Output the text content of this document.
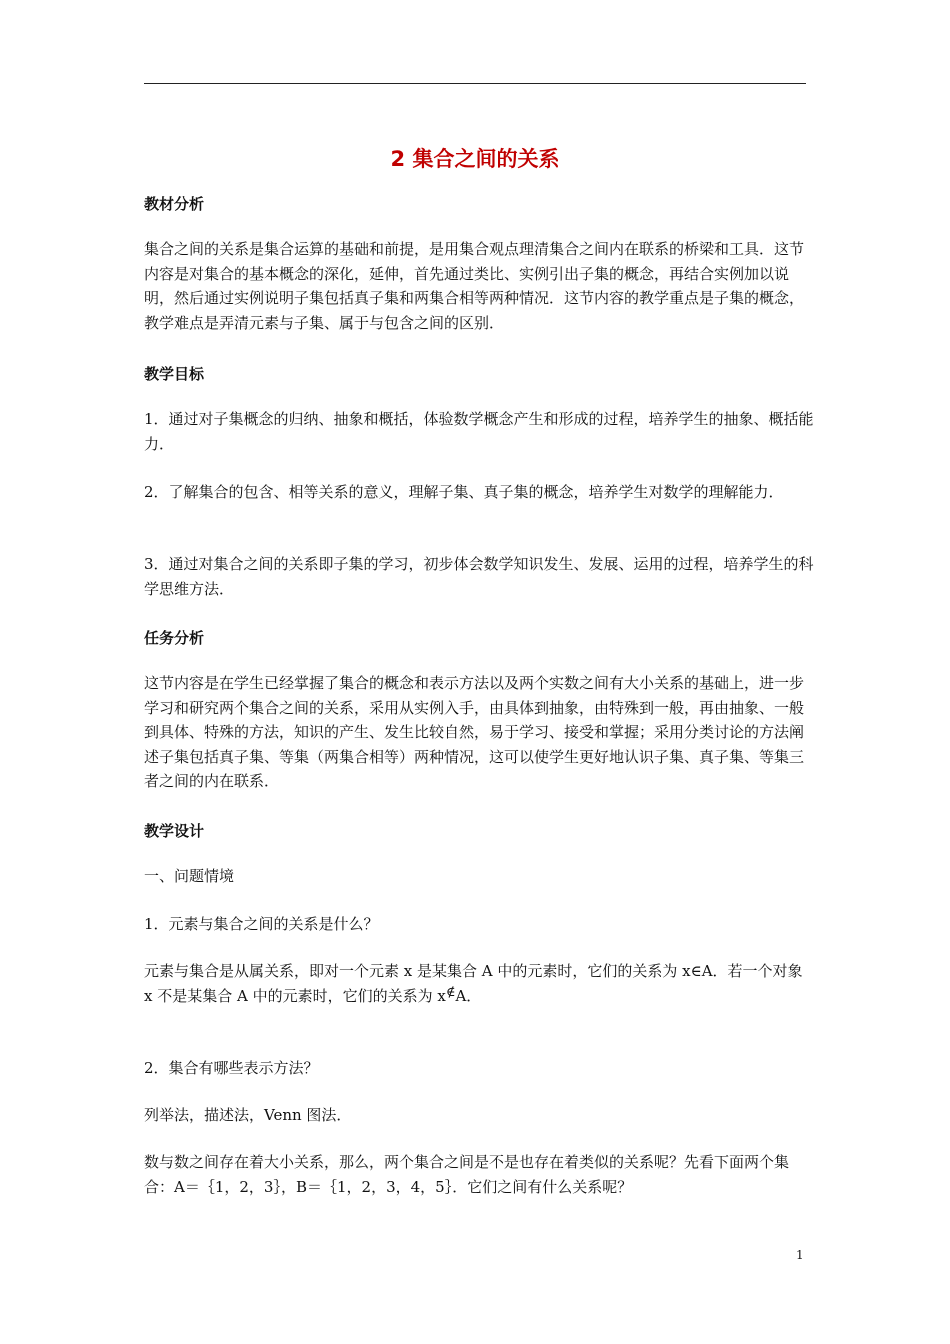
2 集合之间的关系
教材分析
集合之间的关系是集合运算的基础和前提，是用集合观点理清集合之间内在联系的桥梁和工具．这节内容是对集合的基本概念的深化，延伸，首先通过类比、实例引出子集的概念，再结合实例加以说明，然后通过实例说明子集包括真子集和两集合相等两种情况．这节内容的教学重点是子集的概念，教学难点是弄清元素与子集、属于与包含之间的区别．
教学目标
1．通过对子集概念的归纳、抽象和概括，体验数学概念产生和形成的过程，培养学生的抽象、概括能力．
2．了解集合的包含、相等关系的意义，理解子集、真子集的概念，培养学生对数学的理解能力．
3．通过对集合之间的关系即子集的学习，初步体会数学知识发生、发展、运用的过程，培养学生的科学思维方法．
任务分析
这节内容是在学生已经掌握了集合的概念和表示方法以及两个实数之间有大小关系的基础上，进一步学习和研究两个集合之间的关系，采用从实例入手，由具体到抽象，由特殊到一般，再由抽象、一般到具体、特殊的方法，知识的产生、发生比较自然，易于学习、接受和掌握；采用分类讨论的方法阐述子集包括真子集、等集（两集合相等）两种情况，这可以使学生更好地认识子集、真子集、等集三者之间的内在联系．
教学设计
一、问题情境
1．元素与集合之间的关系是什么？
元素与集合是从属关系，即对一个元素 x 是某集合 A 中的元素时，它们的关系为 x∈A．若一个对象 x 不是某集合 A 中的元素时，它们的关系为 x∉A．
2．集合有哪些表示方法？
列举法，描述法，Venn 图法．
数与数之间存在着大小关系，那么，两个集合之间是不是也存在着类似的关系呢？先看下面两个集合：A＝｛1，2，3｝，B＝｛1，2，3，4，5｝．它们之间有什么关系呢？
1
